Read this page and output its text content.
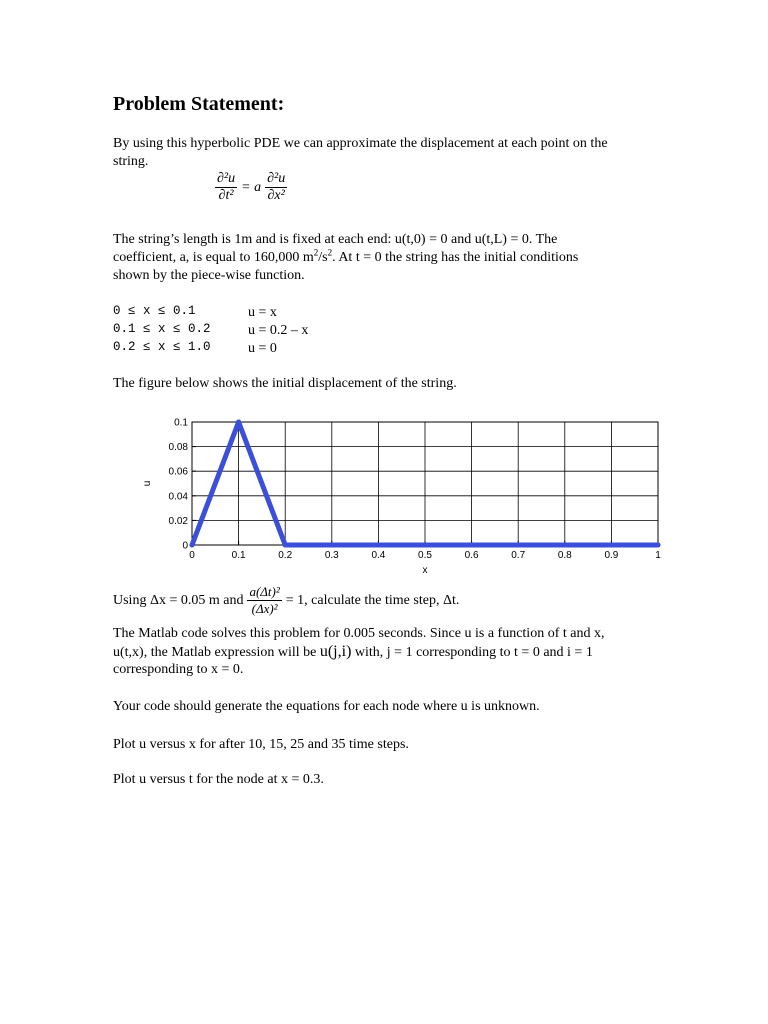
Problem Statement:
By using this hyperbolic PDE we can approximate the displacement at each point on the
string.
$\frac{\text{∂²u}}{\text{∂t²}} = a \frac{\text{∂²u}}{\text{∂x²}}$
The string’s length is 1m and is fixed at each end: u(t,0) = 0 and u(t,L) = 0. The
coefficient, a, is equal to 160,000 $m^2/s^2$. At t = 0 the string has the initial conditions
shown by the piece-wise function.
0 ≤ x ≤ 0.1	u = x
0.1 ≤ x ≤ 0.2	u = 0.2 – x
0.2 ≤ x ≤ 1.0	u = 0
The figure below shows the initial displacement of the string.
0
0.02
0.04
0.06
0.08
0.1
0	0.1	0.2	0.3	0.4	0.5	0.6	0.7	0.8	0.9	1
x
u
Using Δx = 0.05 m and $\frac{\text{a(Δt)²}}{\text{(Δx)²}} = 1$, calculate the time step, Δt.
The Matlab code solves this problem for 0.005 seconds. Since u is a function of t and x,
u(t,x), the Matlab expression will be u(j,i) with, j = 1 corresponding to t = 0 and i = 1
corresponding to x = 0.
Your code should generate the equations for each node where u is unknown.
Plot u versus x for after 10, 15, 25 and 35 time steps.
Plot u versus t for the node at x = 0.3.
